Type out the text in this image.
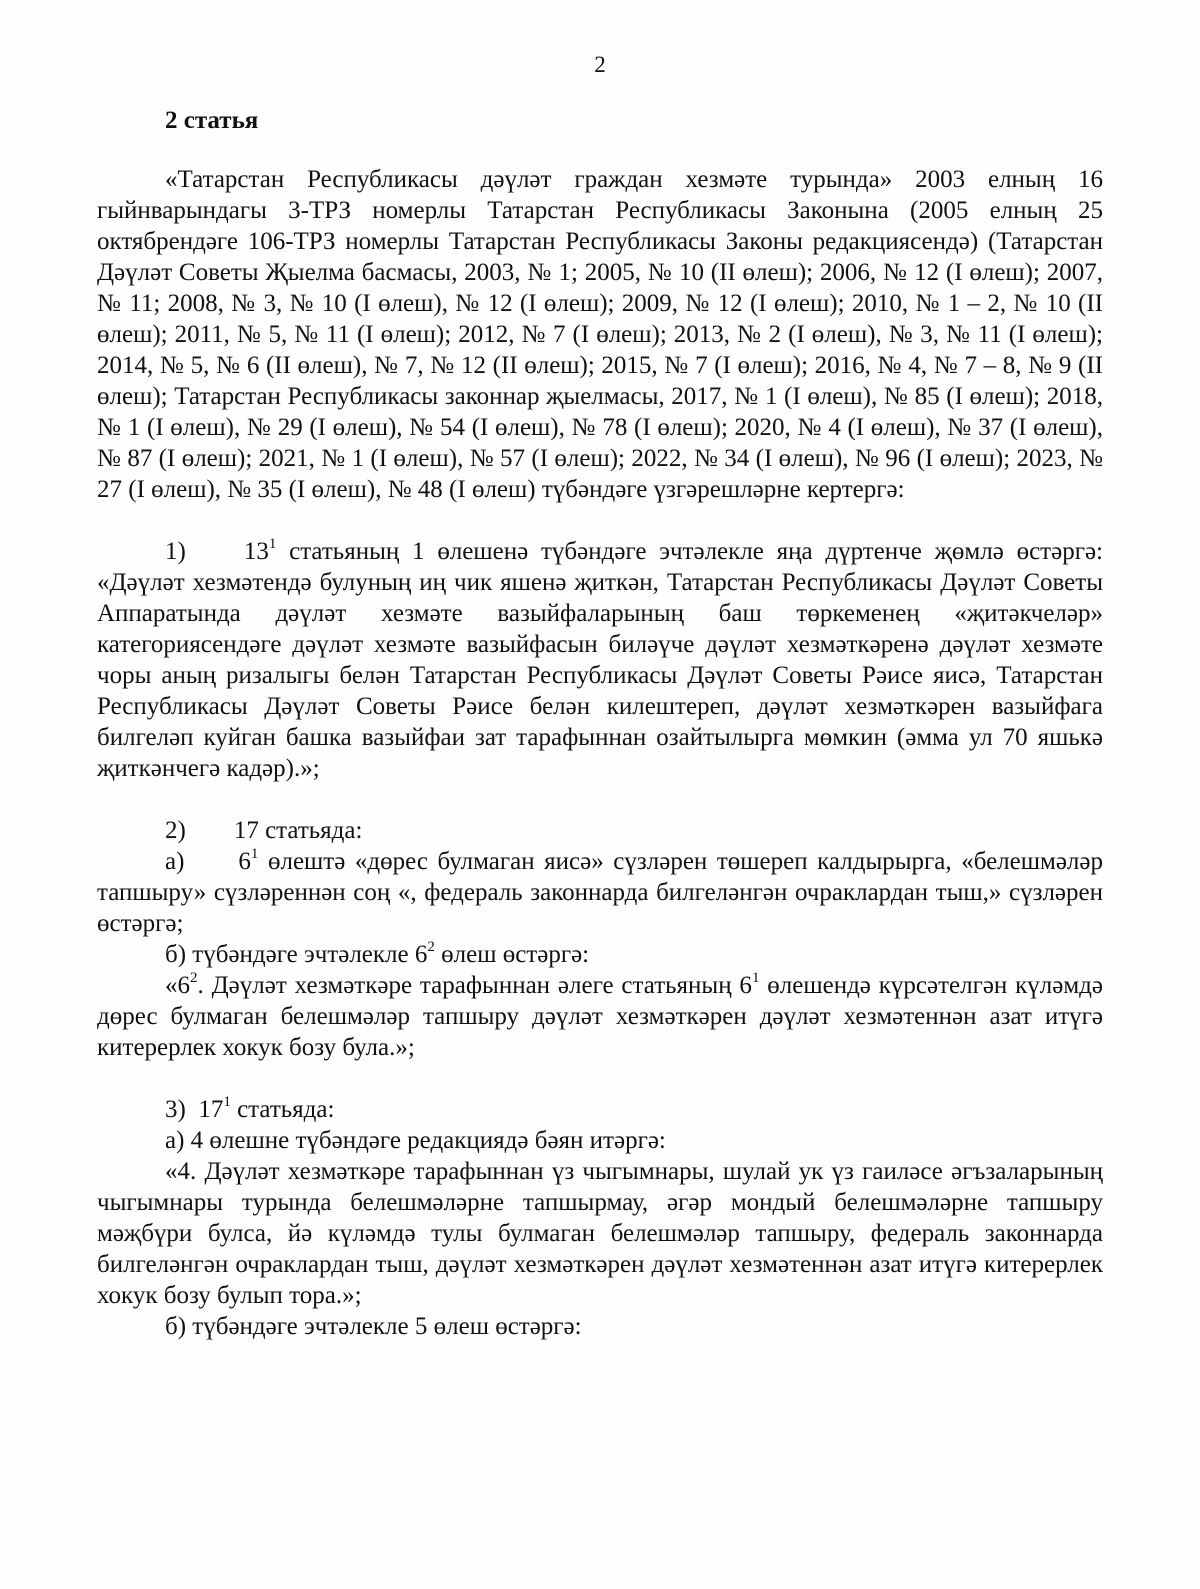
2
2 статья

«Татарстан Республикасы дәүләт граждан хезмәте турында» 2003 елның 16 гыйнварындагы 3-ТРЗ номерлы Татарстан Республикасы Законына (2005 елның 25 октябрендәге 106-ТРЗ номерлы Татарстан Республикасы Законы редакциясендә) (Татарстан Дәүләт Советы Җыелма басмасы, 2003, № 1; 2005, № 10 (II өлеш); 2006, № 12 (I өлеш); 2007, № 11; 2008, № 3, № 10 (I өлеш), № 12 (I өлеш); 2009, № 12 (I өлеш); 2010, № 1 – 2, № 10 (II өлеш); 2011, № 5, № 11 (I өлеш); 2012, № 7 (I өлеш); 2013, № 2 (I өлеш), № 3, № 11 (I өлеш); 2014, № 5, № 6 (II өлеш), № 7, № 12 (II өлеш); 2015, № 7 (I өлеш); 2016, № 4, № 7 – 8, № 9 (II өлеш); Татарстан Республикасы законнар җыелмасы, 2017, № 1 (I өлеш), № 85 (I өлеш); 2018, № 1 (I өлеш), № 29 (I өлеш), № 54 (I өлеш), № 78 (I өлеш); 2020, № 4 (I өлеш), № 37 (I өлеш), № 87 (I өлеш); 2021, № 1 (I өлеш), № 57 (I өлеш); 2022, № 34 (I өлеш), № 96 (I өлеш); 2023, № 27 (I өлеш), № 35 (I өлеш), № 48 (I өлеш) түбәндәге үзгәрешләрне кертергә:

1) $13^1$ статьяның 1 өлешенә түбәндәге эчтәлекле яңа дүртенче җөмлә өстәргә: «Дәүләт хезмәтендә булуның иң чик яшенә җиткән, Татарстан Республикасы Дәүләт Советы Аппаратында дәүләт хезмәте вазыйфаларының баш төркеменең «җитәкчеләр» категориясендәге дәүләт хезмәте вазыйфасын биләүче дәүләт хезмәткәренә дәүләт хезмәте чоры аның ризалыгы белән Татарстан Республикасы Дәүләт Советы Рәисе яисә, Татарстан Республикасы Дәүләт Советы Рәисе белән килештереп, дәүләт хезмәткәрен вазыйфага билгеләп куйган башка вазыйфаи зат тарафыннан озайтылырга мөмкин (әмма ул 70 яшькә җиткәнчегә кадәр).»;

2) 17 статьяда:

а) $6^1$ өлештә «дөрес булмаган яисә» сүзләрен төшереп калдырырга, «белешмәләр тапшыру» сүзләреннән соң «, федераль законнарда билгеләнгән очраклардан тыш,» сүзләрен өстәргә;

б) түбәндәге эчтәлекле $6^2$ өлеш өстәргә:

«$6^2$. Дәүләт хезмәткәре тарафыннан әлеге статьяның $6^1$ өлешендә күрсәтелгән күләмдә дөрес булмаган белешмәләр тапшыру дәүләт хезмәткәрен дәүләт хезмәтеннән азат итүгә китерерлек хокук бозу була.»;

3) $17^1$ статьяда:

а) 4 өлешне түбәндәге редакциядә бәян итәргә:

«4. Дәүләт хезмәткәре тарафыннан үз чыгымнары, шулай ук үз гаиләсе әгъзаларының чыгымнары турында белешмәләрне тапшырмау, әгәр мондый белешмәләрне тапшыру мәҗбүри булса, йә күләмдә тулы булмаган белешмәләр тапшыру, федераль законнарда билгеләнгән очраклардан тыш, дәүләт хезмәткәрен дәүләт хезмәтеннән азат итүгә китерерлек хокук бозу булып тора.»;

б) түбәндәге эчтәлекле 5 өлеш өстәргә:
